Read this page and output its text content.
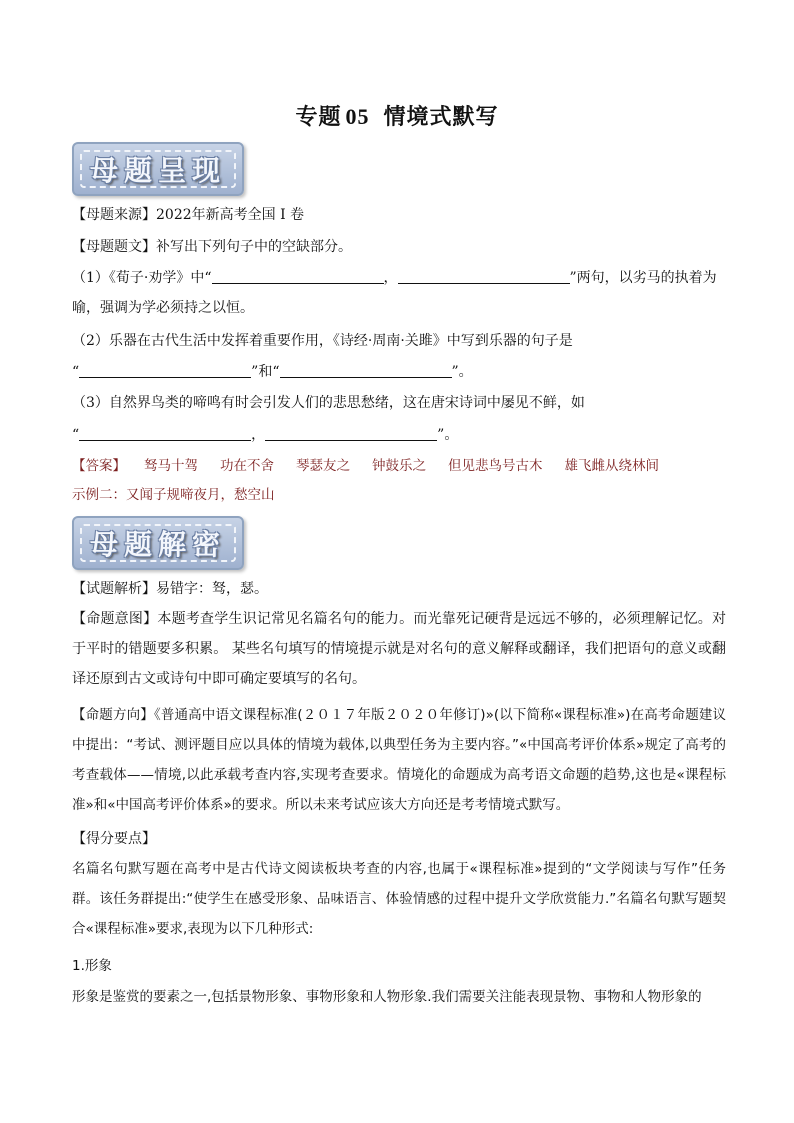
专题 05 情境式默写
母题呈现
【母题来源】2022年新高考全国 I 卷
【母题题文】补写出下列句子中的空缺部分。
（1）《荀子·劝学》中“	，	”两句，以劣马的执着为
喻，强调为学必须持之以恒。
（2）乐器在古代生活中发挥着重要作用，《诗经·周南·关雎》中写到乐器的句子是
“	”和“	”。
（3）自然界鸟类的啼鸣有时会引发人们的悲思愁绪，这在唐宋诗词中屡见不鲜，如
“	，	”。
【答案】 驽马十驾 功在不舍 琴瑟友之 钟鼓乐之 但见悲鸟号古木 雄飞雌从绕林间
示例二：又闻子规啼夜月，愁空山
母题解密
【试题解析】易错字：驽，瑟。
【命题意图】本题考查学生识记常见名篇名句的能力。而光靠死记硬背是远远不够的，必须理解记忆。对于平时的错题要多积累。 某些名句填写的情境提示就是对名句的意义解释或翻译，我们把语句的意义或翻译还原到古文或诗句中即可确定要填写的名句。
【命题方向】《普通高中语文课程标准(２０１７年版２０２０年修订)»(以下简称«课程标准»)在高考命题建议中提出：“考试、测评题目应以具体的情境为载体,以典型任务为主要内容。”«中国高考评价体系»规定了高考的考查载体——情境,以此承载考查内容,实现考查要求。情境化的命题成为高考语文命题的趋势,这也是«课程标准»和«中国高考评价体系»的要求。所以未来考试应该大方向还是考考情境式默写。
【得分要点】
名篇名句默写题在高考中是古代诗文阅读板块考查的内容,也属于«课程标准»提到的“文学阅读与写作”任务群。该任务群提出:“使学生在感受形象、品味语言、体验情感的过程中提升文学欣赏能力.”名篇名句默写题契合«课程标准»要求,表现为以下几种形式:
1.形象
形象是鉴赏的要素之一,包括景物形象、事物形象和人物形象.我们需要关注能表现景物、事物和人物形象的
